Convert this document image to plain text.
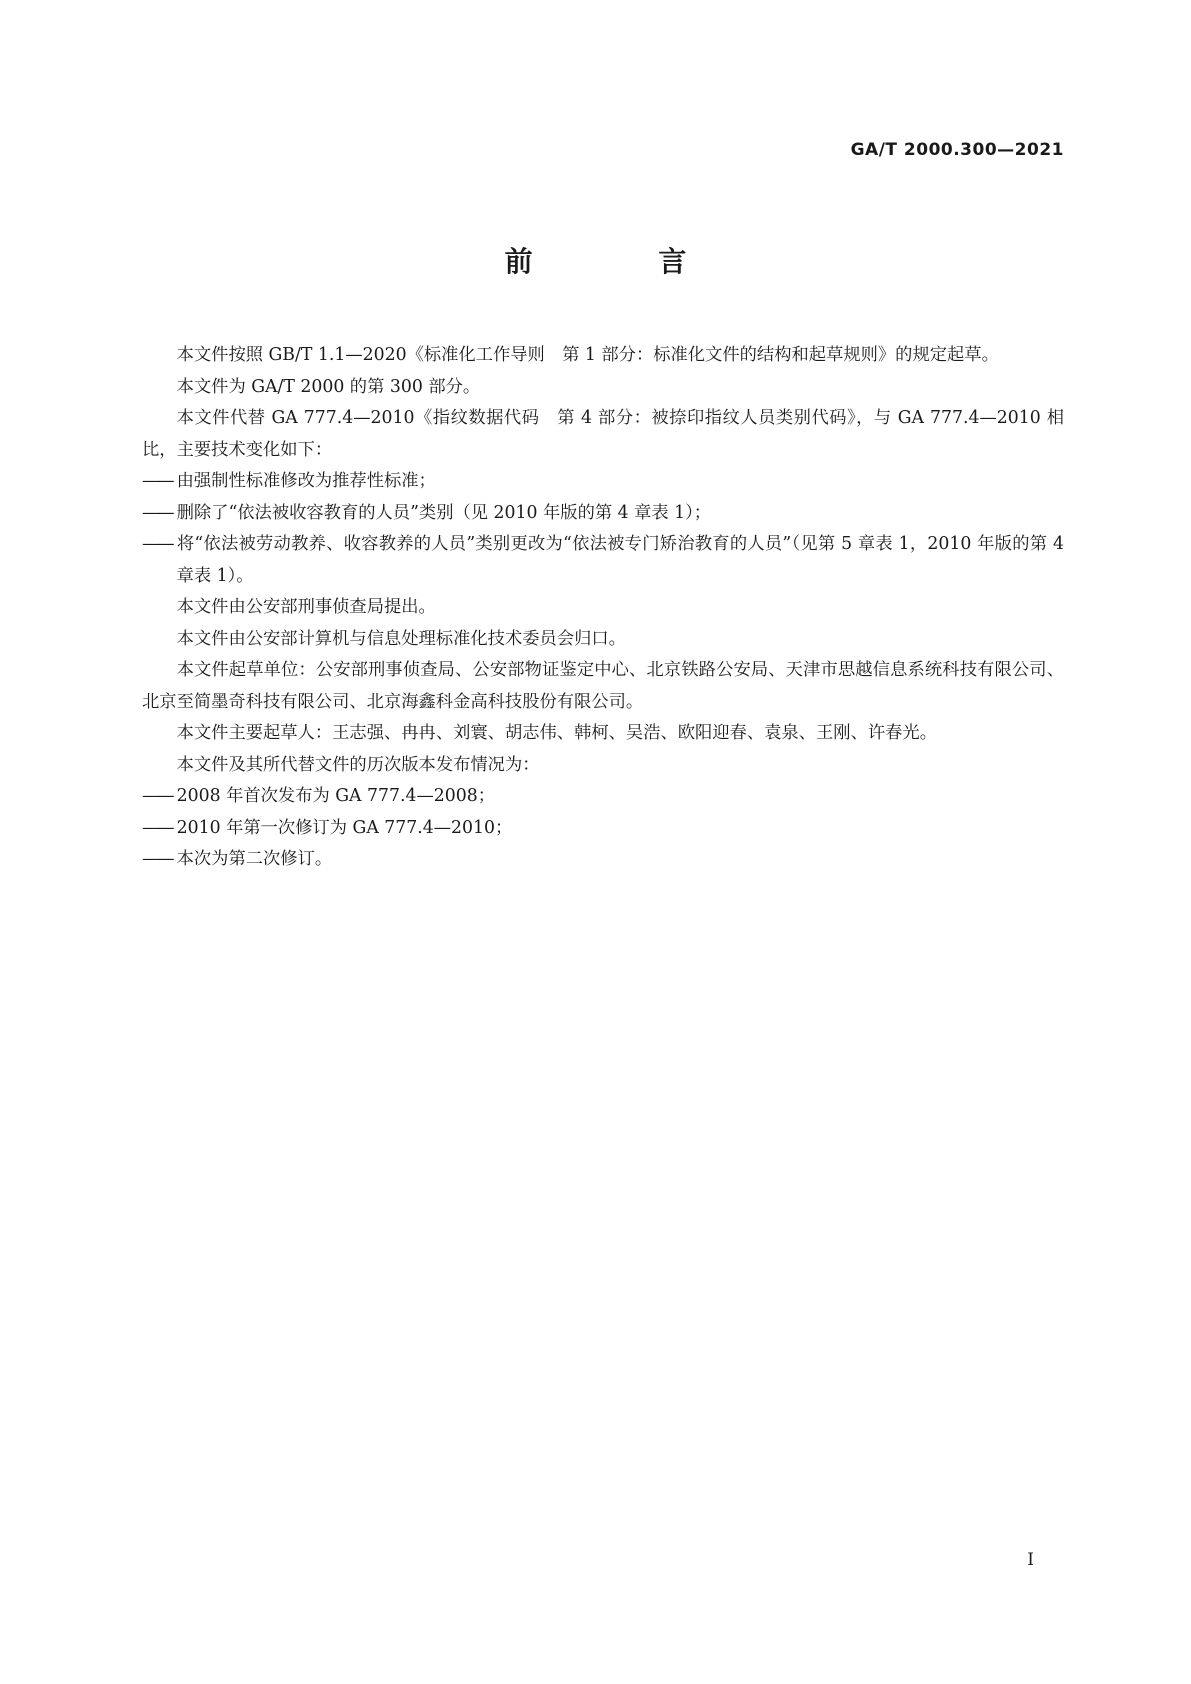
GA/T 2000.300—2021
前 言

本文件按照 GB/T 1.1—2020《标准化工作导则　第 1 部分：标准化文件的结构和起草规则》的规定起草。

本文件为 GA/T 2000 的第 300 部分。

本文件代替 GA 777.4—2010《指纹数据代码　第 4 部分：被捺印指纹人员类别代码》，与 GA 777.4—2010 相比，主要技术变化如下：

—— 由强制性标准修改为推荐性标准；

—— 删除了“依法被收容教育的人员”类别（见 2010 年版的第 4 章表 1）；

—— 将“依法被劳动教养、收容教养的人员”类别更改为“依法被专门矫治教育的人员”（见第 5 章表 1，2010 年版的第 4 章表 1）。

本文件由公安部刑事侦查局提出。

本文件由公安部计算机与信息处理标准化技术委员会归口。

本文件起草单位：公安部刑事侦查局、公安部物证鉴定中心、北京铁路公安局、天津市思越信息系统科技有限公司、北京至简墨奇科技有限公司、北京海鑫科金高科技股份有限公司。

本文件主要起草人：王志强、冉冉、刘寰、胡志伟、韩柯、吴浩、欧阳迎春、袁泉、王刚、许春光。

本文件及其所代替文件的历次版本发布情况为：

—— 2008 年首次发布为 GA 777.4—2008；

—— 2010 年第一次修订为 GA 777.4—2010；

—— 本次为第二次修订。

I
